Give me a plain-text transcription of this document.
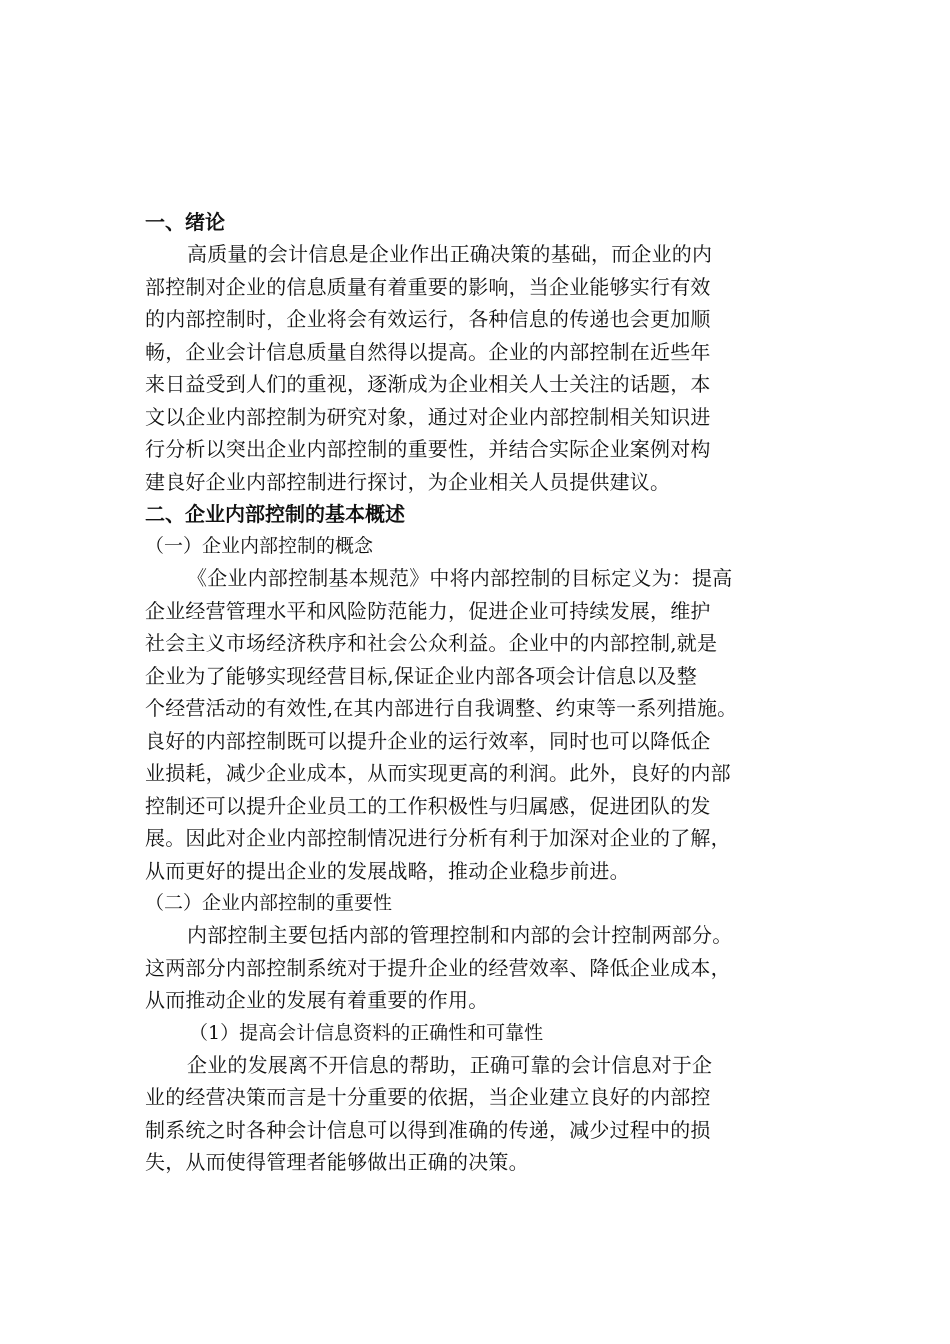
一、绪论
高质量的会计信息是企业作出正确决策的基础，而企业的内
部控制对企业的信息质量有着重要的影响，当企业能够实行有效
的内部控制时，企业将会有效运行，各种信息的传递也会更加顺
畅，企业会计信息质量自然得以提高。企业的内部控制在近些年
来日益受到人们的重视，逐渐成为企业相关人士关注的话题，本
文以企业内部控制为研究对象，通过对企业内部控制相关知识进
行分析以突出企业内部控制的重要性，并结合实际企业案例对构
建良好企业内部控制进行探讨，为企业相关人员提供建议。
二、企业内部控制的基本概述
（一）企业内部控制的概念
《企业内部控制基本规范》中将内部控制的目标定义为：提高
企业经营管理水平和风险防范能力，促进企业可持续发展，维护
社会主义市场经济秩序和社会公众利益。企业中的内部控制,就是
企业为了能够实现经营目标,保证企业内部各项会计信息以及整
个经营活动的有效性,在其内部进行自我调整、约束等一系列措施。
良好的内部控制既可以提升企业的运行效率，同时也可以降低企
业损耗，减少企业成本，从而实现更高的利润。此外，良好的内部
控制还可以提升企业员工的工作积极性与归属感，促进团队的发
展。因此对企业内部控制情况进行分析有利于加深对企业的了解，
从而更好的提出企业的发展战略，推动企业稳步前进。
（二）企业内部控制的重要性
内部控制主要包括内部的管理控制和内部的会计控制两部分。
这两部分内部控制系统对于提升企业的经营效率、降低企业成本，
从而推动企业的发展有着重要的作用。
（1）提高会计信息资料的正确性和可靠性
企业的发展离不开信息的帮助，正确可靠的会计信息对于企
业的经营决策而言是十分重要的依据，当企业建立良好的内部控
制系统之时各种会计信息可以得到准确的传递，减少过程中的损
失，从而使得管理者能够做出正确的决策。
